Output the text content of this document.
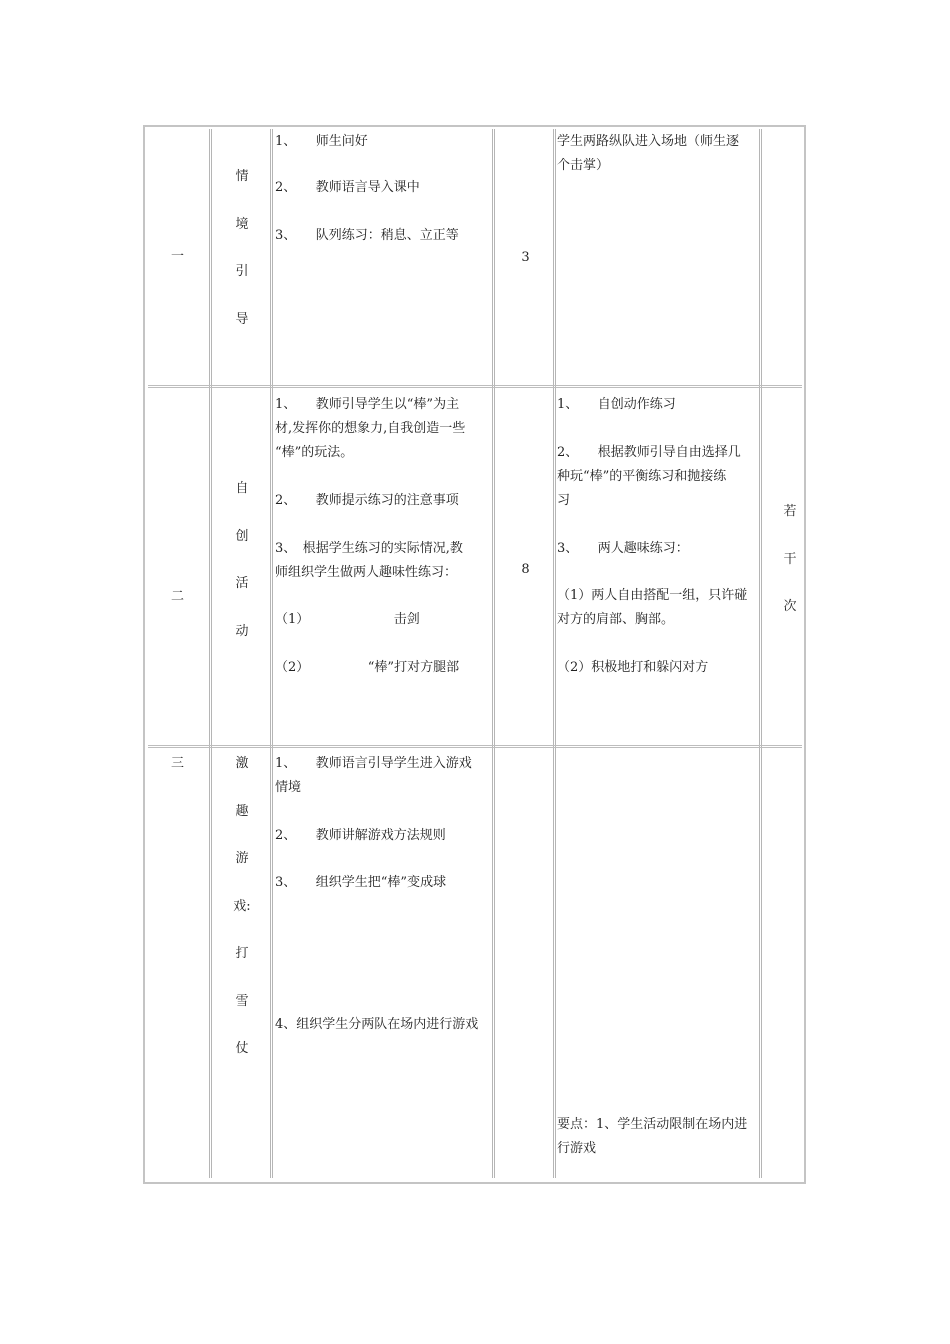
一
情
境
引
导
1、　　师生问好
2、　　教师语言导入课中
3、　　队列练习：稍息、立正等
3
学生两路纵队进入场地（师生逐
个击掌）
二
自
创
活
动
1、　　教师引导学生以“棒”为主
材,发挥你的想象力,自我创造一些
“棒”的玩法。
2、　　教师提示练习的注意事项
3、　根据学生练习的实际情况,教
师组织学生做两人趣味性练习：
（1）　　　　　　　击剑
（2）　　　　　“棒”打对方腿部
8
1、　　自创动作练习
2、　　根据教师引导自由选择几
种玩“棒”的平衡练习和抛接练
习
3、　　两人趣味练习：
（1）两人自由搭配一组，只许碰
对方的肩部、胸部。
（2）积极地打和躲闪对方
若
干
次
三	激
趣
游
戏:
打
雪
仗
1、　　教师语言引导学生进入游戏
情境
2、　　教师讲解游戏方法规则
3、　　组织学生把“棒”变成球
4、组织学生分两队在场内进行游戏
要点：1、学生活动限制在场内进
行游戏
